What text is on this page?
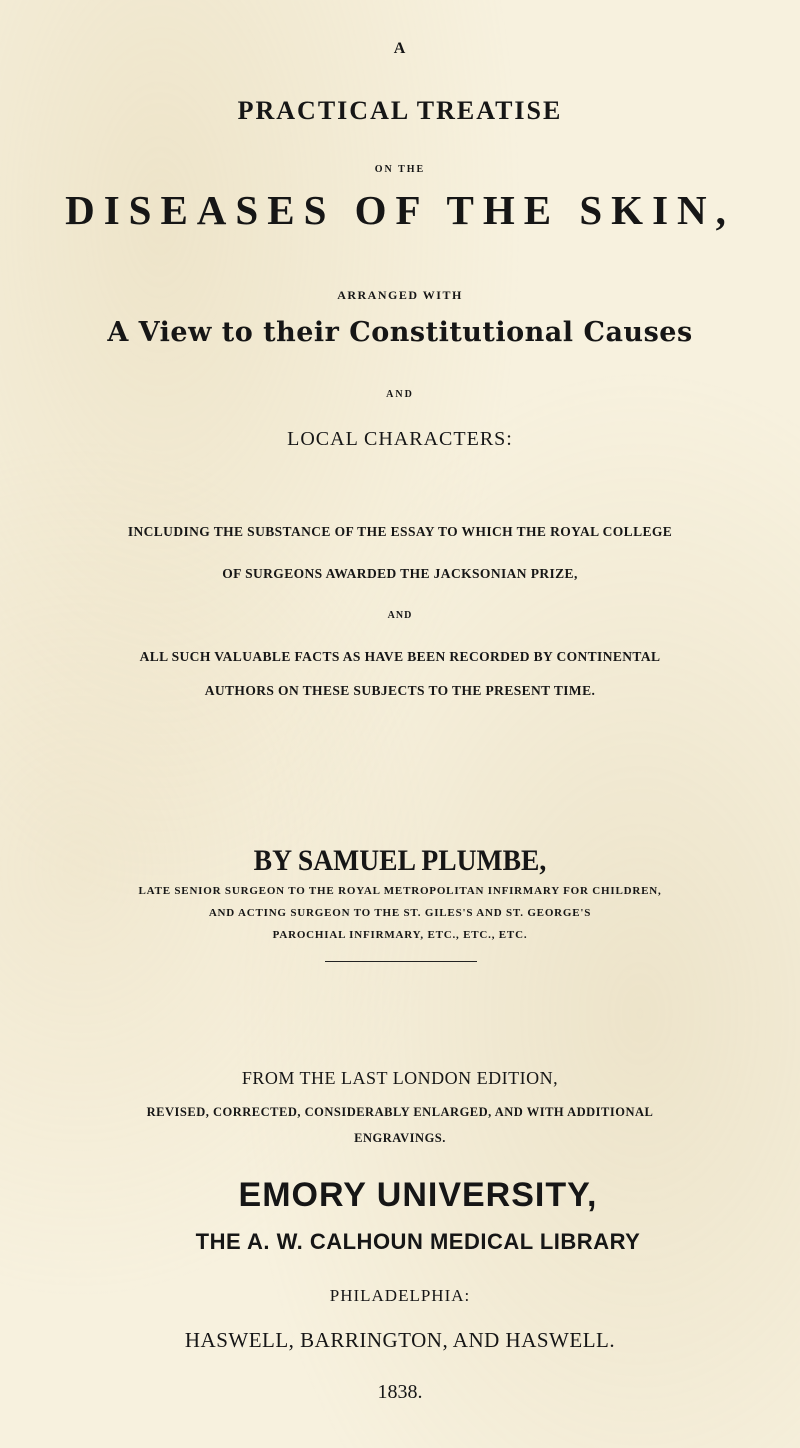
A
PRACTICAL TREATISE
ON THE
DISEASES OF THE SKIN,
ARRANGED WITH
A View to their Constitutional Causes
AND
LOCAL CHARACTERS:
INCLUDING THE SUBSTANCE OF THE ESSAY TO WHICH THE ROYAL COLLEGE
OF SURGEONS AWARDED THE JACKSONIAN PRIZE,
AND
ALL SUCH VALUABLE FACTS AS HAVE BEEN RECORDED BY CONTINENTAL
AUTHORS ON THESE SUBJECTS TO THE PRESENT TIME.
BY SAMUEL PLUMBE,
LATE SENIOR SURGEON TO THE ROYAL METROPOLITAN INFIRMARY FOR CHILDREN,
AND ACTING SURGEON TO THE ST. GILES'S AND ST. GEORGE'S
PAROCHIAL INFIRMARY, ETC., ETC., ETC.
FROM THE LAST LONDON EDITION,
REVISED, CORRECTED, CONSIDERABLY ENLARGED, AND WITH ADDITIONAL
ENGRAVINGS.
EMORY UNIVERSITY,
THE A. W. CALHOUN MEDICAL LIBRARY
PHILADELPHIA:
HASWELL, BARRINGTON, AND HASWELL.
1838.
